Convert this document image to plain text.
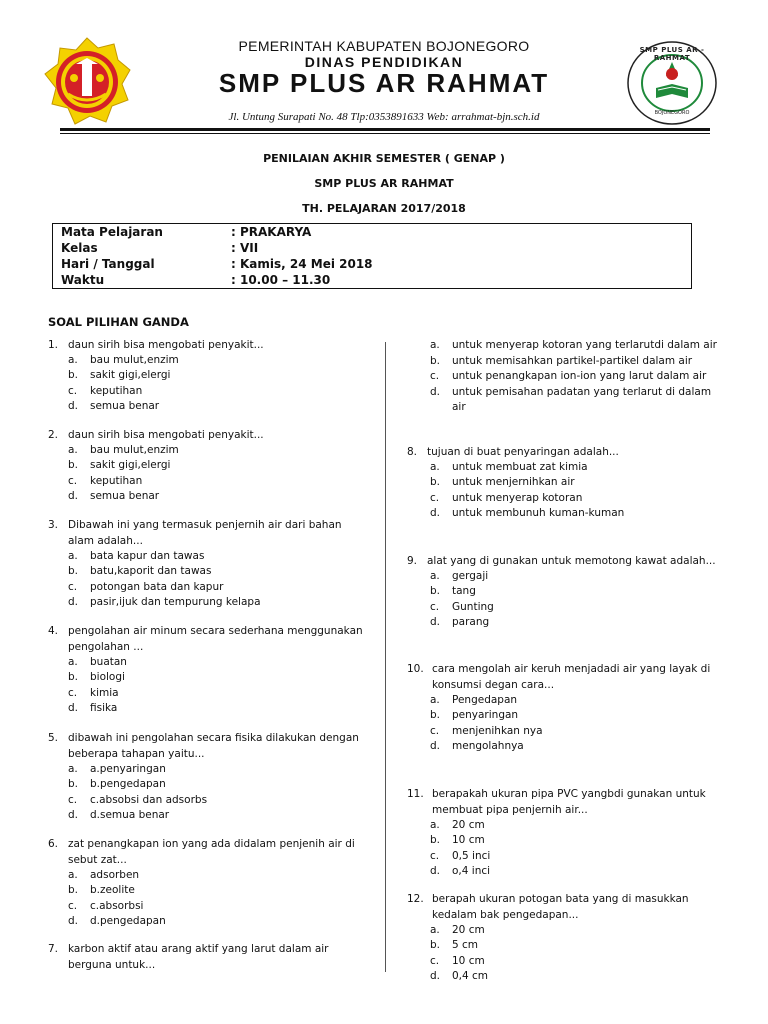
SMP PLUS AR - RAHMAT
BOJONEGORO
PEMERINTAH KABUPATEN BOJONEGORO
DINAS PENDIDIKAN
SMP PLUS AR RAHMAT
Jl. Untung Surapati No. 48 Tlp:0353891633 Web: arrahmat-bjn.sch.id
PENILAIAN AKHIR SEMESTER ( GENAP )
SMP PLUS AR RAHMAT
TH. PELAJARAN 2017/2018
Mata Pelajaran	: PRAKARYA
Kelas	: VII
Hari / Tanggal	: Kamis, 24 Mei 2018
Waktu	: 10.00 – 11.30
SOAL PILIHAN GANDA
1. daun sirih bisa mengobati penyakit...
a. bau mulut,enzim
b. sakit gigi,elergi
c. keputihan
d. semua benar
2. daun sirih bisa mengobati penyakit...
a. bau mulut,enzim
b. sakit gigi,elergi
c. keputihan
d. semua benar
3. Dibawah ini yang termasuk penjernih air dari bahan alam adalah...
a. bata kapur dan tawas
b. batu,kaporit dan tawas
c. potongan bata dan kapur
d. pasir,ijuk dan tempurung kelapa
4. pengolahan air minum secara sederhana menggunakan pengolahan ...
a. buatan
b. biologi
c. kimia
d. fisika
5. dibawah ini pengolahan secara fisika dilakukan dengan beberapa tahapan yaitu...
a. a.penyaringan
b. b.pengedapan
c. c.absobsi dan adsorbs
d. d.semua benar
6. zat penangkapan ion yang ada didalam penjenih air di sebut zat...
a. adsorben
b. b.zeolite
c. c.absorbsi
d. d.pengedapan
7. karbon aktif atau arang aktif yang larut dalam air berguna untuk...
a. untuk menyerap kotoran yang terlarutdi dalam air
b. untuk memisahkan partikel-partikel dalam air
c. untuk penangkapan ion-ion yang larut dalam air
d. untuk pemisahan padatan yang terlarut di dalam
air
8. tujuan di buat penyaringan adalah...
a. untuk membuat zat kimia
b. untuk menjernihkan air
c. untuk menyerap kotoran
d. untuk membunuh kuman-kuman
9. alat yang di gunakan untuk memotong kawat adalah...
a. gergaji
b. tang
c. Gunting
d. parang
10. cara mengolah air keruh menjadadi air yang layak di konsumsi degan cara...
a. Pengedapan
b. penyaringan
c. menjenihkan nya
d. mengolahnya
11. berapakah ukuran pipa PVC yangbdi gunakan untuk membuat pipa penjernih air...
a. 20 cm
b. 10 cm
c. 0,5 inci
d. o,4 inci
12. berapah ukuran potogan bata yang di masukkan kedalam bak pengedapan...
a. 20 cm
b. 5 cm
c. 10 cm
d. 0,4 cm
